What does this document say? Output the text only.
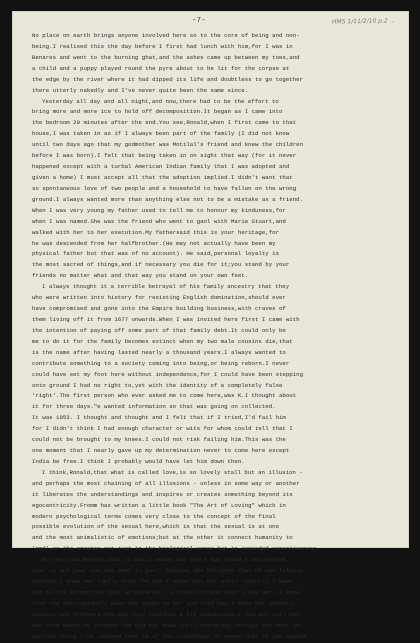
-7-	HMS 1/11/2/10 p.2 ...
No place on earth brings anyone involved here so to the core of being and non-
being.I realised this the day before I first had lunch with him,for I was in
Benares and went to the burning ghat,and the ashes came up between my toes,and
a child and a puppy played round the pyre about to be lit for the corpse at
the edge by the river where it had dipped its life and doubtless to go together
there utterly nakedly and I've never quite been the same since.
Yesterday all day and all night,and now,there had to be the effort to
bring more and more ice to hold off decomposition.It began as I came into
the bedroom 20 minutes after the end.You see,Ronald,when I first came to that
house,I was taken in as if I always been part of the family (I did not know
until two days ago that my godmother was Motilal's friend and knew the children
before I was born).I felt that being taken in on sight that way (for it never
happened except with a turbal American Indian family that I was adopted and
given a home) I must accept all that the adoption implied.I didn't want that
so spontaneous love of two people and a household to have fallen on the wrong
ground.I always wanted more than anything else not to be a mistake as a friend.
When I was very young my father used to tell me to honour my kinduness,for
when I was named.She was the friend who went to gaol with Marie Stuart,and
walked with her to her execution.My fathersaid this is your heritage,for
he was descended from her halfbrother.(He may not actually have been my
physical father but that was of no account). He said,personal loyalty is
the most sacred of things,and if necessary you die for it;you stand by your
friends no matter what and that way you stand on your own feet.
I always thought it a terrible betrayal of his family ancestry that they
who were written into history for resisting English domination,should ever
have compromised and gone into the Empire building business,with craves of
them living off it from 1677 onwards.When I was invited here first I came with
the intention of paying off some part of that family debt.It could only be
me to do it for the family becomes extinct when my two male cousins die,that
is the name after having lasted nearly a thousand years.I always wanted to
contribute something to a society coming into being,or being reborn.I never
could have set my foot here without independence,for I could have been stepping
onto ground I had no right to,yet with the identity of a completely false
'right'.The first person who ever asked me to come here,was K.I thought about
it for three days."e wanted information so that was going on collected.
It was 1953. I thought and thought and I felt that if I tried,I'd fail him
for I didn't think I had enough character or wits for whom could tell that I
could not be brought to my knees.I could not risk failing him.This was the
one moment that I nearly gave up my determination never to come here except
India be free.I think I probably would have let him down then.
I think,Ronald,that what is called love,is so lovely stall but an illusion -
and perhaps the most chaining of all illusions - unless in some way or another
it liberates the understandings and inspires or creates something beyond its
egocentricity.Fromm has written a little book "The Art of Loving" which in
modern psychological terms comes very close to the concept of the final
possible evolution of the sexual here,which is that the sexual is at one
and the most animalistic of emotions;but at the other it connect humanity to
'god',or the creator,not just in the biological sense but in expanded consciousness.
Do you know,Ronald,that it was a woman who years ago loved X who worked
year in and year out,and went to gaol, because she believed that SK was falsely
accused.I knew her family from '56,but I never met her until recently.I went
out to the airport as just an observer, a looker-on,and when I saw her (I knew
from the description)I went and spoke to her and told her I knew her parents,
sisters and brothers.She was very cautious,a bit suspicious.I did not tell her
who else where my friends.She did not know until yesterday.Perhaps the most im-
portant thing I've learned here is of the sisterhood of women;that if you cannot
